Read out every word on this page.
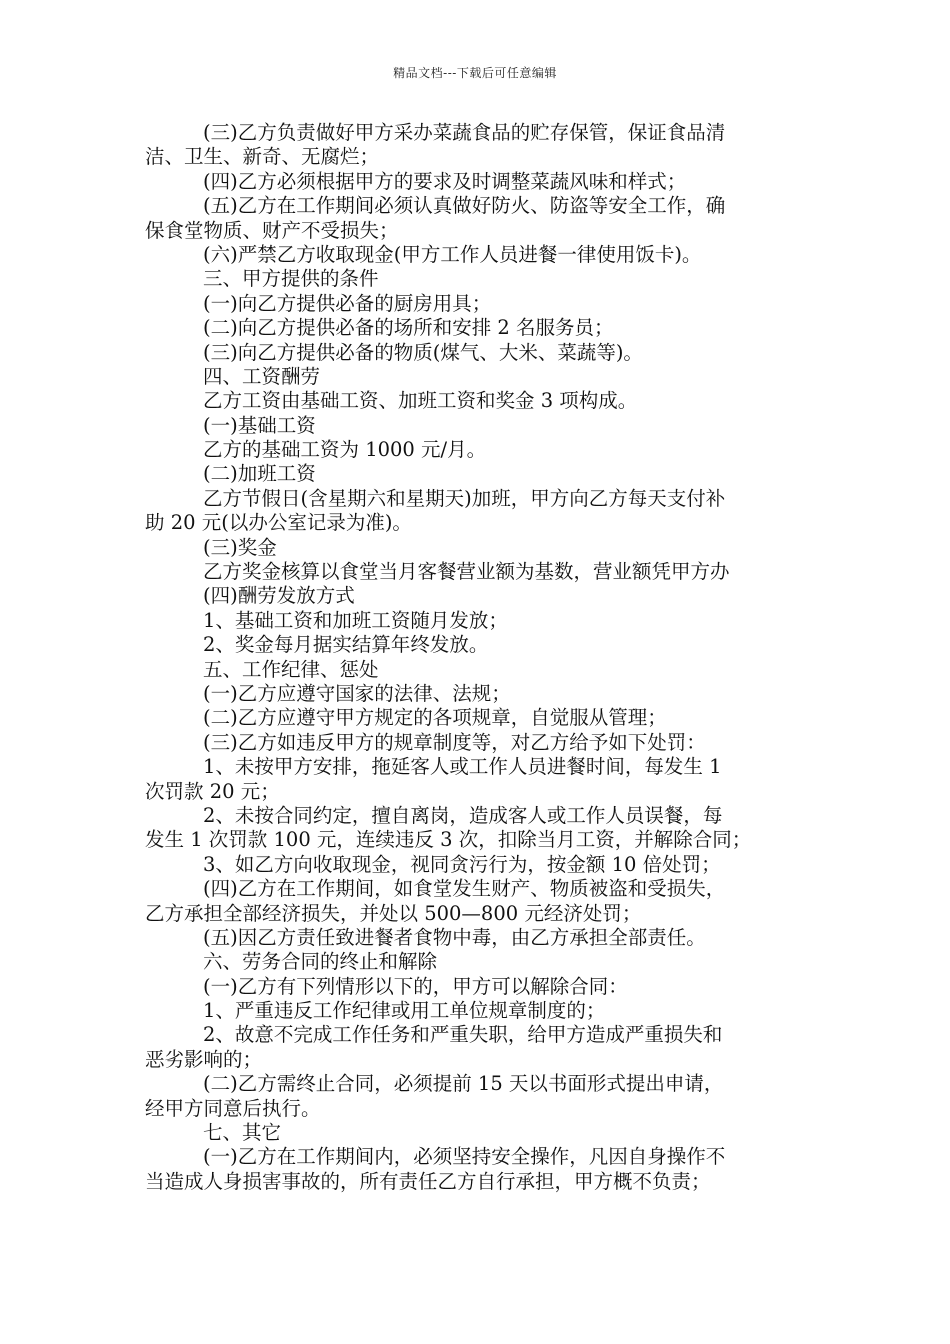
精品文档---下载后可任意编辑
(三)乙方负责做好甲方采办菜蔬食品的贮存保管，保证食品清
洁、卫生、新奇、无腐烂；
(四)乙方必须根据甲方的要求及时调整菜蔬风味和样式；
(五)乙方在工作期间必须认真做好防火、防盗等安全工作，确
保食堂物质、财产不受损失；
(六)严禁乙方收取现金(甲方工作人员进餐一律使用饭卡)。
三、甲方提供的条件
(一)向乙方提供必备的厨房用具；
(二)向乙方提供必备的场所和安排 2 名服务员；
(三)向乙方提供必备的物质(煤气、大米、菜蔬等)。
四、工资酬劳
乙方工资由基础工资、加班工资和奖金 3 项构成。
(一)基础工资
乙方的基础工资为 1000 元/月。
(二)加班工资
乙方节假日(含星期六和星期天)加班，甲方向乙方每天支付补
助 20 元(以办公室记录为准)。
(三)奖金
乙方奖金核算以食堂当月客餐营业额为基数，营业额凭甲方办
(四)酬劳发放方式
1、基础工资和加班工资随月发放；
2、奖金每月据实结算年终发放。
五、工作纪律、惩处
(一)乙方应遵守国家的法律、法规；
(二)乙方应遵守甲方规定的各项规章，自觉服从管理；
(三)乙方如违反甲方的规章制度等，对乙方给予如下处罚：
1、未按甲方安排，拖延客人或工作人员进餐时间，每发生 1
次罚款 20 元；
2、未按合同约定，擅自离岗，造成客人或工作人员误餐，每
发生 1 次罚款 100 元，连续违反 3 次，扣除当月工资，并解除合同；
3、如乙方向收取现金，视同贪污行为，按金额 10 倍处罚；
(四)乙方在工作期间，如食堂发生财产、物质被盗和受损失，
乙方承担全部经济损失，并处以 500—800 元经济处罚；
(五)因乙方责任致进餐者食物中毒，由乙方承担全部责任。
六、劳务合同的终止和解除
(一)乙方有下列情形以下的，甲方可以解除合同：
1、严重违反工作纪律或用工单位规章制度的；
2、故意不完成工作任务和严重失职，给甲方造成严重损失和
恶劣影响的；
(二)乙方需终止合同，必须提前 15 天以书面形式提出申请，
经甲方同意后执行。
七、其它
(一)乙方在工作期间内，必须坚持安全操作，凡因自身操作不
当造成人身损害事故的，所有责任乙方自行承担，甲方概不负责；
